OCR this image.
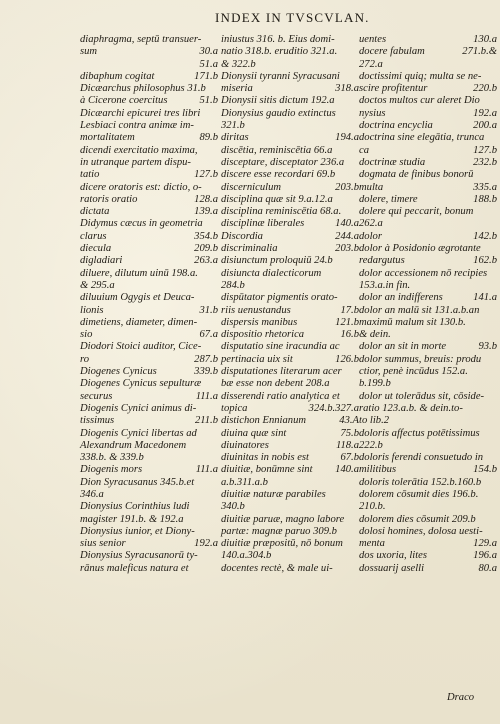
INDEX IN TVSCVLAN.
diaphragma, septū transuer-
sum	30.a
51.a
dibaphum cogitat	171.b
Dicæarchus philosophus 31.b
à Cicerone coercitus	51.b
Dicæarchi epicurei tres libri
Lesbiaci contra animæ im-
mortalitatem	89.b
dicendi exercitatio maxima,
in utranque partem dispu-
tatio	127.b
dicere oratoris est: dictio, o-
ratoris oratio	128.a
dictata	139.a
Didymus cæcus in geometria
clarus	354.b
diecula	209.b
digladiari	263.a
diluere, dilutum uinū 198.a.
& 295.a
diluuium Ogygis et Deuca-
lionis	31.b
dimetiens, diameter, dimen-
sio	67.a
Diodori Stoici auditor, Cice-
ro	287.b
Diogenes Cynicus	339.b
Diogenes Cynicus sepulturæ
securus	111.a
Diogenis Cynici animus di-
tissimus	211.b
Diogenis Cynici libertas ad
Alexandrum Macedonem
338.b. & 339.b
Diogenis mors	111.a
Dion Syracusanus 345.b.et
346.a
Dionysius Corinthius ludi
magister 191.b. & 192.a
Dionysius iunior, et Diony-
sius senior	192.a
Dionysius Syracusanorū ty-
rānus maleficus natura et
iniustus 316. b. Eius domi-
natio 318.b. eruditio 321.a.
& 322.b
Dionysii tyranni Syracusani
miseria	318.a
Dionysii sitis dictum 192.a
Dionysius gaudio extinctus
321.b
diritas	194.a
discētia, reminiscētia 66.a
disceptare, disceptator 236.a
discere esse recordari 69.b
discerniculum	203.b
disciplina quæ sit 9.a.12.a
disciplina reminiscētia 68.a.
disciplinæ liberales	140.a
Discordia	244.a
discriminalia	203.b
disiunctum proloquiū 24.b
disiuncta dialecticorum
284.b
dispūtator pigmentis orato-
riis uenustandus	17.b
dispersis manibus	121.b
dispositio rhetorica	16.b
disputatio sine iracundia ac
pertinacia uix sit	126.b
disputationes literarum acer
bæ esse non debent 208.a
disserendi ratio analytica et
topica	324.b.327.a
distichon Ennianum	43.A
diuina quæ sint	75.b
diuinatores	118.a
diuinitas in nobis est	67.b
diuitiæ, bonūmne sint 140.a
a.b.311.a.b
diuitiæ naturæ parabiles
340.b
diuitiæ paruæ, magno labore
partæ: magnæ paruo 309.b
diuitiæ præpositū, nō bonum
140.a.304.b
docentes rectè, & male ui-
uentes	130.a
docere fabulam	271.b.&
272.a
doctissimi quiq; multa se ne-
scire profitentur	220.b
doctos multos cur aleret Dio
nysius	192.a
doctrina encyclia	200.a
doctrina sine elegātia, trunca
ca	127.b
doctrinæ studia	232.b
dogmata de finibus bonorū
multa	335.a
dolere, timere	188.b
dolere qui peccarit, bonum
262.a
dolor	142.b
dolor à Posidonio ægrotante
redargutus	162.b
dolor accessionem nō recipies
153.a.in fin.
dolor an indifferens	141.a
dolor an malū sit 131.a.b.an
maximū malum sit 130.b.
& dein.
dolor an sit in morte	93.b
dolor summus, breuis: produ
ctior, penè incūdus 152.a.
b.199.b
dolor ut tolerādus sit, cōside-
ratio 123.a.b. & dein.to-
to lib.2
doloris affectus potētissimus
222.b
doloris ferendi consuetudo in
militibus	154.b
doloris tolerātia 152.b.160.b
dolorem cōsumit dies 196.b.
210.b.
dolorem dies cōsumit 209.b
dolosi homines, dolosa uesti-
menta	129.a
dos uxoria, lites	196.a
dossuarij aselli	80.a
Draco
